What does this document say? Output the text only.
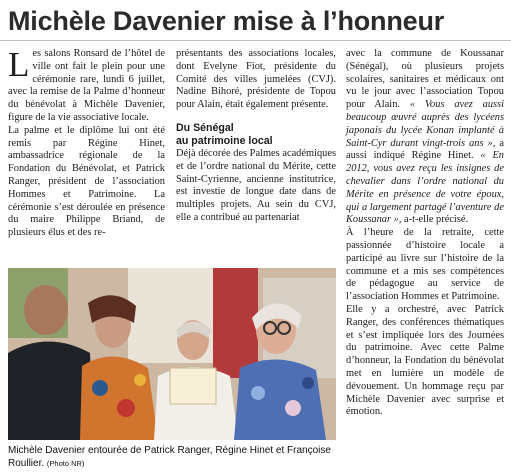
Michèle Davenier mise à l’honneur

Les salons Ronsard de l’hôtel de ville ont fait le plein pour une cérémonie rare, lundi 6 juillet, avec la remise de la Palme d’honneur du bénévolat à Michèle Davenier, figure de la vie associative locale.

La palme et le diplôme lui ont été remis par Régine Hinet, ambassadrice régionale de la Fondation du Bénévolat, et Patrick Ranger, président de l’association Hommes et Patrimoine. La cérémonie s’est déroulée en présence du maire Philippe Briand, de plusieurs élus et des re-

présentants des associations locales, dont Evelyne Fiot, présidente du Comité des villes jumelées (CVJ). Nadine Bihoré, présidente de Topou pour Alain, était également présente.

Du Sénégal
au patrimoine local

Déjà décorée des Palmes académiques et de l’ordre national du Mérite, cette Saint-Cyrienne, ancienne institutrice, est investie de longue date dans de multiples projets. Au sein du CVJ, elle a contribué au partenariat

avec la commune de Koussanar (Sénégal), où plusieurs projets scolaires, sanitaires et médicaux ont vu le jour avec l’association Topou pour Alain. « Vous avez aussi beaucoup œuvré auprès des lycéens japonais du lycée Konan implanté à Saint-Cyr durant vingt-trois ans », a aussi indiqué Régine Hinet. « En 2012, vous avez reçu les insignes de chevalier dans l’ordre national du Mérite en présence de votre époux, qui a largement partagé l’aventure de Koussanar », a-t-elle précisé.

À l’heure de la retraite, cette passionnée d’histoire locale a participé au livre sur l’histoire de la commune et a mis ses compétences de pédagogue au service de l’association Hommes et Patrimoine.

Elle y a orchestré, avec Patrick Ranger, des conférences thématiques et s’est impliquée lors des Journées du patrimoine. Avec cette Palme d’honneur, la Fondation du bénévolat met en lumière un modèle de dévouement. Un hommage reçu par Michèle Davenier avec surprise et émotion.

Michèle Davenier entourée de Patrick Ranger, Régine Hinet et Françoise Roullier. (Photo NR)
